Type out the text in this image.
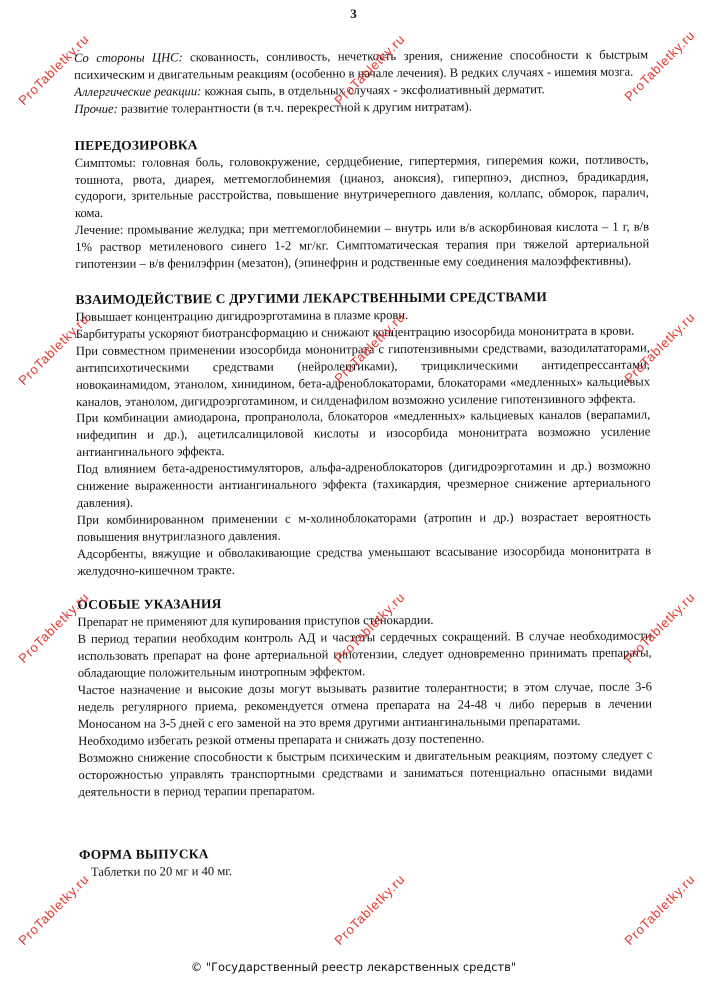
3

Со стороны ЦНС: скованность, сонливость, нечеткость зрения, снижение способности к быстрым психическим и двигательным реакциям (особенно в начале лечения). В редких случаях - ишемия мозга.

Аллергические реакции: кожная сыпь, в отдельных случаях - эксфолиативный дерматит.

Прочие: развитие толерантности (в т.ч. перекрестной к другим нитратам).

ПЕРЕДОЗИРОВКА

Симптомы: головная боль, головокружение, сердцебиение, гипертермия, гиперемия кожи, потливость, тошнота, рвота, диарея, метгемоглобинемия (цианоз, аноксия), гиперпноэ, диспноэ, брадикардия, судороги, зрительные расстройства, повышение внутричерепного давления, коллапс, обморок, паралич, кома.

Лечение: промывание желудка; при метгемоглобинемии – внутрь или в/в аскорбиновая кислота – 1 г, в/в 1% раствор метиленового синего 1-2 мг/кг. Симптоматическая терапия при тяжелой артериальной гипотензии – в/в фенилэфрин (мезатон), (эпинефрин и родственные ему соединения малоэффективны).

ВЗАИМОДЕЙСТВИЕ С ДРУГИМИ ЛЕКАРСТВЕННЫМИ СРЕДСТВАМИ

Повышает концентрацию дигидроэрготамина в плазме крови.

Барбитураты ускоряют биотрансформацию и снижают концентрацию изосорбида мононитрата в крови.

При совместном применении изосорбида мононитрата с гипотензивными средствами, вазодилататорами, антипсихотическими средствами (нейролептиками), трициклическими антидепрессантами, новокаинамидом, этанолом, хинидином, бета-адреноблокаторами, блокаторами «медленных» кальциевых каналов, этанолом, дигидроэрготамином, и силденафилом возможно усиление гипотензивного эффекта.

При комбинации амиодарона, пропранолола, блокаторов «медленных» кальциевых каналов (верапамил, нифедипин и др.), ацетилсалициловой кислоты и изосорбида мононитрата возможно усиление антиангинального эффекта.

Под влиянием бета-адреностимуляторов, альфа-адреноблокаторов (дигидроэрготамин и др.) возможно снижение выраженности антиангинального эффекта (тахикардия, чрезмерное снижение артериального давления).

При комбинированном применении с м-холиноблокаторами (атропин и др.) возрастает вероятность повышения внутриглазного давления.

Адсорбенты, вяжущие и обволакивающие средства уменьшают всасывание изосорбида мононитрата в желудочно-кишечном тракте.

ОСОБЫЕ УКАЗАНИЯ

Препарат не применяют для купирования приступов стенокардии.

В период терапии необходим контроль АД и частоты сердечных сокращений. В случае необходимости использовать препарат на фоне артериальной гипотензии, следует одновременно принимать препараты, обладающие положительным инотропным эффектом.

Частое назначение и высокие дозы могут вызывать развитие толерантности; в этом случае, после 3-6 недель регулярного приема, рекомендуется отмена препарата на 24-48 ч либо перерыв в лечении Моносаном на 3-5 дней с его заменой на это время другими антиангинальными препаратами.

Необходимо избегать резкой отмены препарата и снижать дозу постепенно.

Возможно снижение способности к быстрым психическим и двигательным реакциям, поэтому следует с осторожностью управлять транспортными средствами и заниматься потенциально опасными видами деятельности в период терапии препаратом.

ФОРМА ВЫПУСКА

Таблетки по 20 мг и 40 мг.

ProTabletky.ru	ProTabletky.ru	ProTabletky.ru
ProTabletky.ru	ProTabletky.ru	ProTabletky.ru
ProTabletky.ru	ProTabletky.ru	ProTabletky.ru
ProTabletky.ru	ProTabletky.ru	ProTabletky.ru
© "Государственный реестр лекарственных средств"
